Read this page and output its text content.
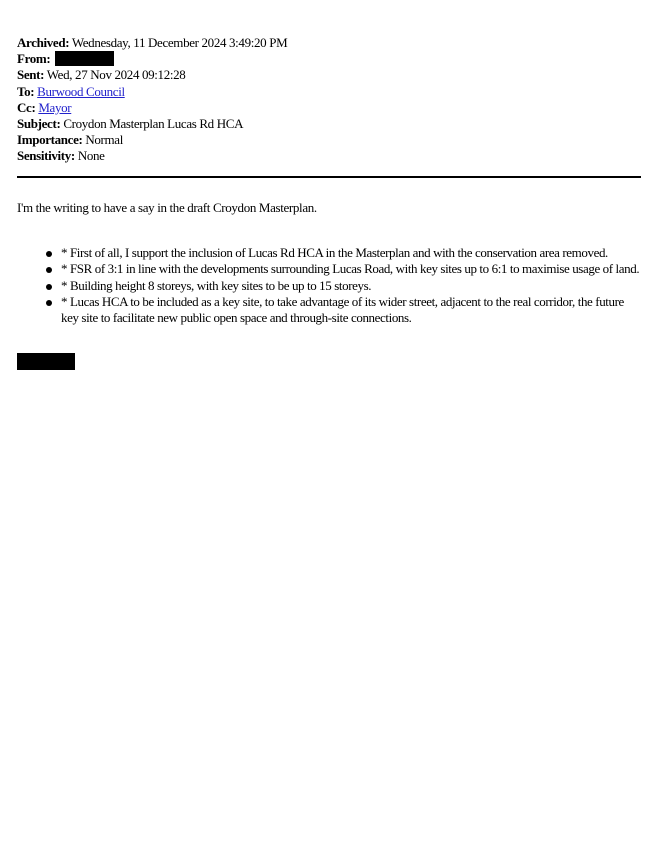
Archived: Wednesday, 11 December 2024 3:49:20 PM
From:
Sent: Wed, 27 Nov 2024 09:12:28
To: Burwood Council
Cc: Mayor
Subject: Croydon Masterplan Lucas Rd HCA
Importance: Normal
Sensitivity: None
I'm the writing to have a say in the draft Croydon Masterplan.
* First of all, I support the inclusion of Lucas Rd HCA in the Masterplan and with the conservation area removed.
* FSR of 3:1 in line with the developments surrounding Lucas Road, with key sites up to 6:1 to maximise usage of land.
* Building height 8 storeys, with key sites to be up to 15 storeys.
* Lucas HCA to be included as a key site, to take advantage of its wider street, adjacent to the real corridor, the future key site to facilitate new public open space and through-site connections.
